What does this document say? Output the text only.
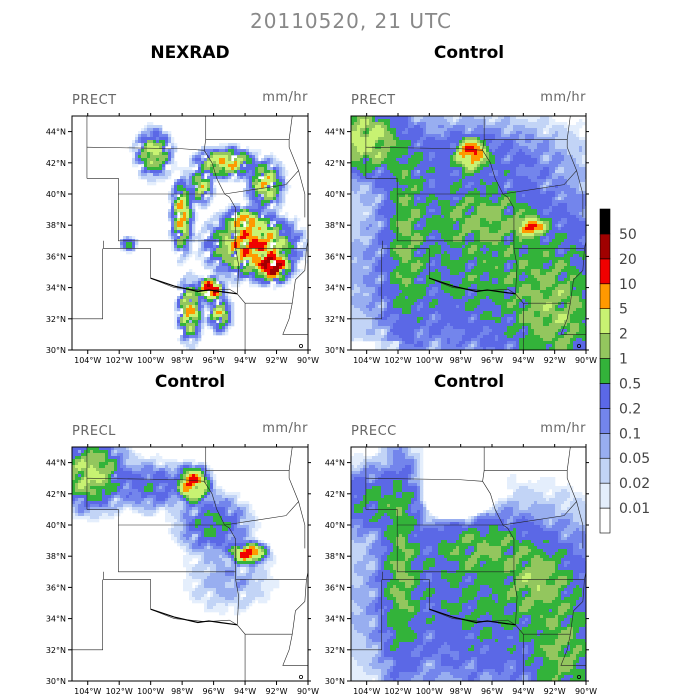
20110520, 21 UTC
NEXRAD
PRECT	mm/hr
104°W 102°W 100°W 98°W 96°W 94°W 92°W 90°W
30°N
32°N
34°N
36°N
38°N
40°N
42°N
44°N
Control
PRECT	mm/hr
104°W 102°W 100°W 98°W 96°W 94°W 92°W 90°W
30°N
32°N
34°N
36°N
38°N
40°N
42°N
44°N
Control
PRECL	mm/hr
104°W 102°W 100°W 98°W 96°W 94°W 92°W 90°W
30°N
32°N
34°N
36°N
38°N
40°N
42°N
44°N
Control
PRECC	mm/hr
104°W 102°W 100°W 98°W 96°W 94°W 92°W 90°W
30°N
32°N
34°N
36°N
38°N
40°N
42°N
44°N
0.01
0.02
0.05
0.1
0.2
0.5
1
2
5
10
20
50
